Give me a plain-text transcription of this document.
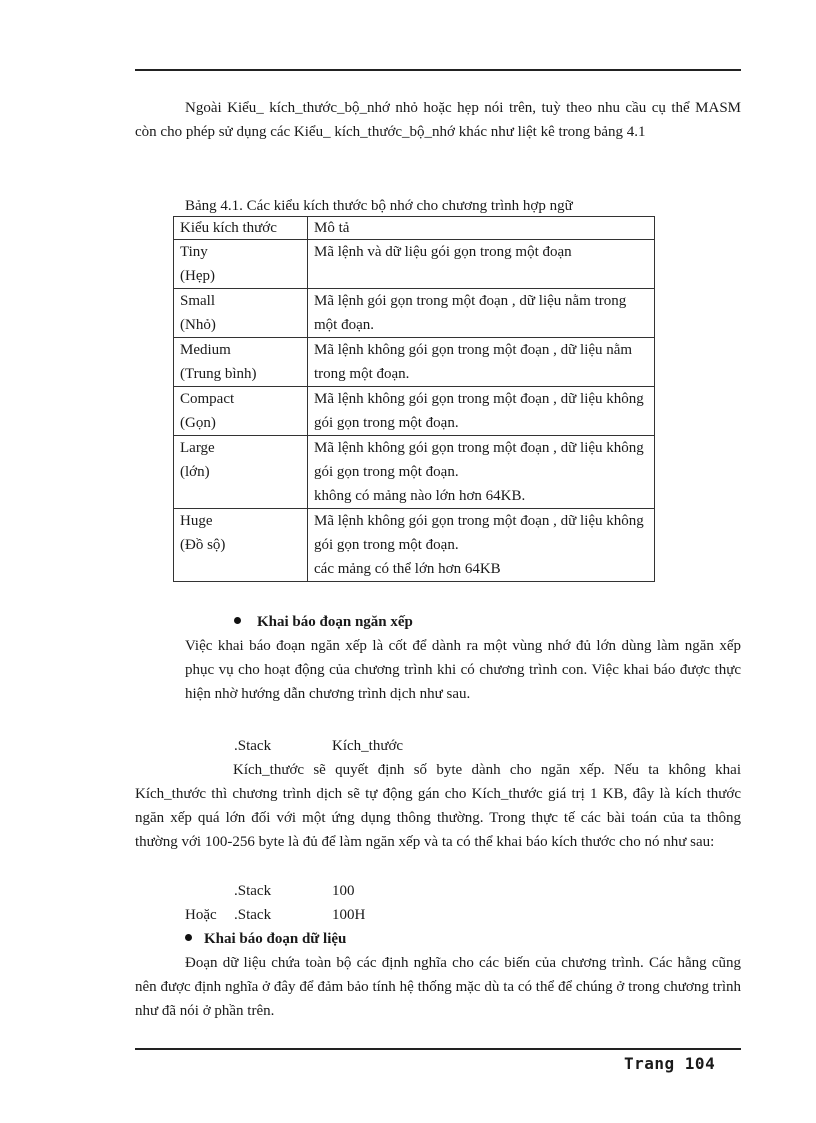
Ngoài Kiểu_ kích_thước_bộ_nhớ nhỏ hoặc hẹp nói trên, tuỳ theo nhu cầu cụ thể MASM còn cho phép sử dụng các Kiểu_ kích_thước_bộ_nhớ khác như liệt kê trong bảng 4.1

Bảng 4.1. Các kiểu kích thước bộ nhớ cho chương trình hợp ngữ
Kiểu kích thước	Mô tả

Tiny
(Hẹp)	Mã lệnh và dữ liệu gói gọn trong một đoạn

Small
(Nhỏ)	Mã lệnh gói gọn trong một đoạn , dữ liệu nằm trong một đoạn.

Medium
(Trung bình)	Mã lệnh không gói gọn trong một đoạn , dữ liệu nằm trong một đoạn.

Compact
(Gọn)	Mã lệnh không gói gọn trong một đoạn , dữ liệu không gói gọn trong một đoạn.

Large
(lớn)	Mã lệnh không gói gọn trong một đoạn , dữ liệu không gói gọn trong một đoạn.
không có mảng nào lớn hơn 64KB.

Huge
(Đồ sộ)	Mã lệnh không gói gọn trong một đoạn , dữ liệu không gói gọn trong một đoạn.
các mảng có thể lớn hơn 64KB
Khai báo đoạn ngăn xếp

Việc khai báo đoạn ngăn xếp là cốt để dành ra một vùng nhớ đủ lớn dùng làm ngăn xếp phục vụ cho hoạt động của chương trình khi có chương trình con. Việc khai báo được thực hiện nhờ hướng dẫn chương trình dịch như sau.

.Stack	Kích_thước

Kích_thước sẽ quyết định số byte dành cho ngăn xếp. Nếu ta không khai Kích_thước thì chương trình dịch sẽ tự động gán cho Kích_thước giá trị 1 KB, đây là kích thước ngăn xếp quá lớn đối với một ứng dụng thông thường. Trong thực tế các bài toán của ta thông thường với 100-256 byte là đủ để làm ngăn xếp và ta có thể khai báo kích thước cho nó như sau:

.Stack	100
Hoặc .Stack	100H
Khai báo đoạn dữ liệu

Đoạn dữ liệu chứa toàn bộ các định nghĩa cho các biến của chương trình. Các hằng cũng nên được định nghĩa ở đây để đảm bảo tính hệ thống mặc dù ta có thể để chúng ở trong chương trình như đã nói ở phần trên.

Trang 104
